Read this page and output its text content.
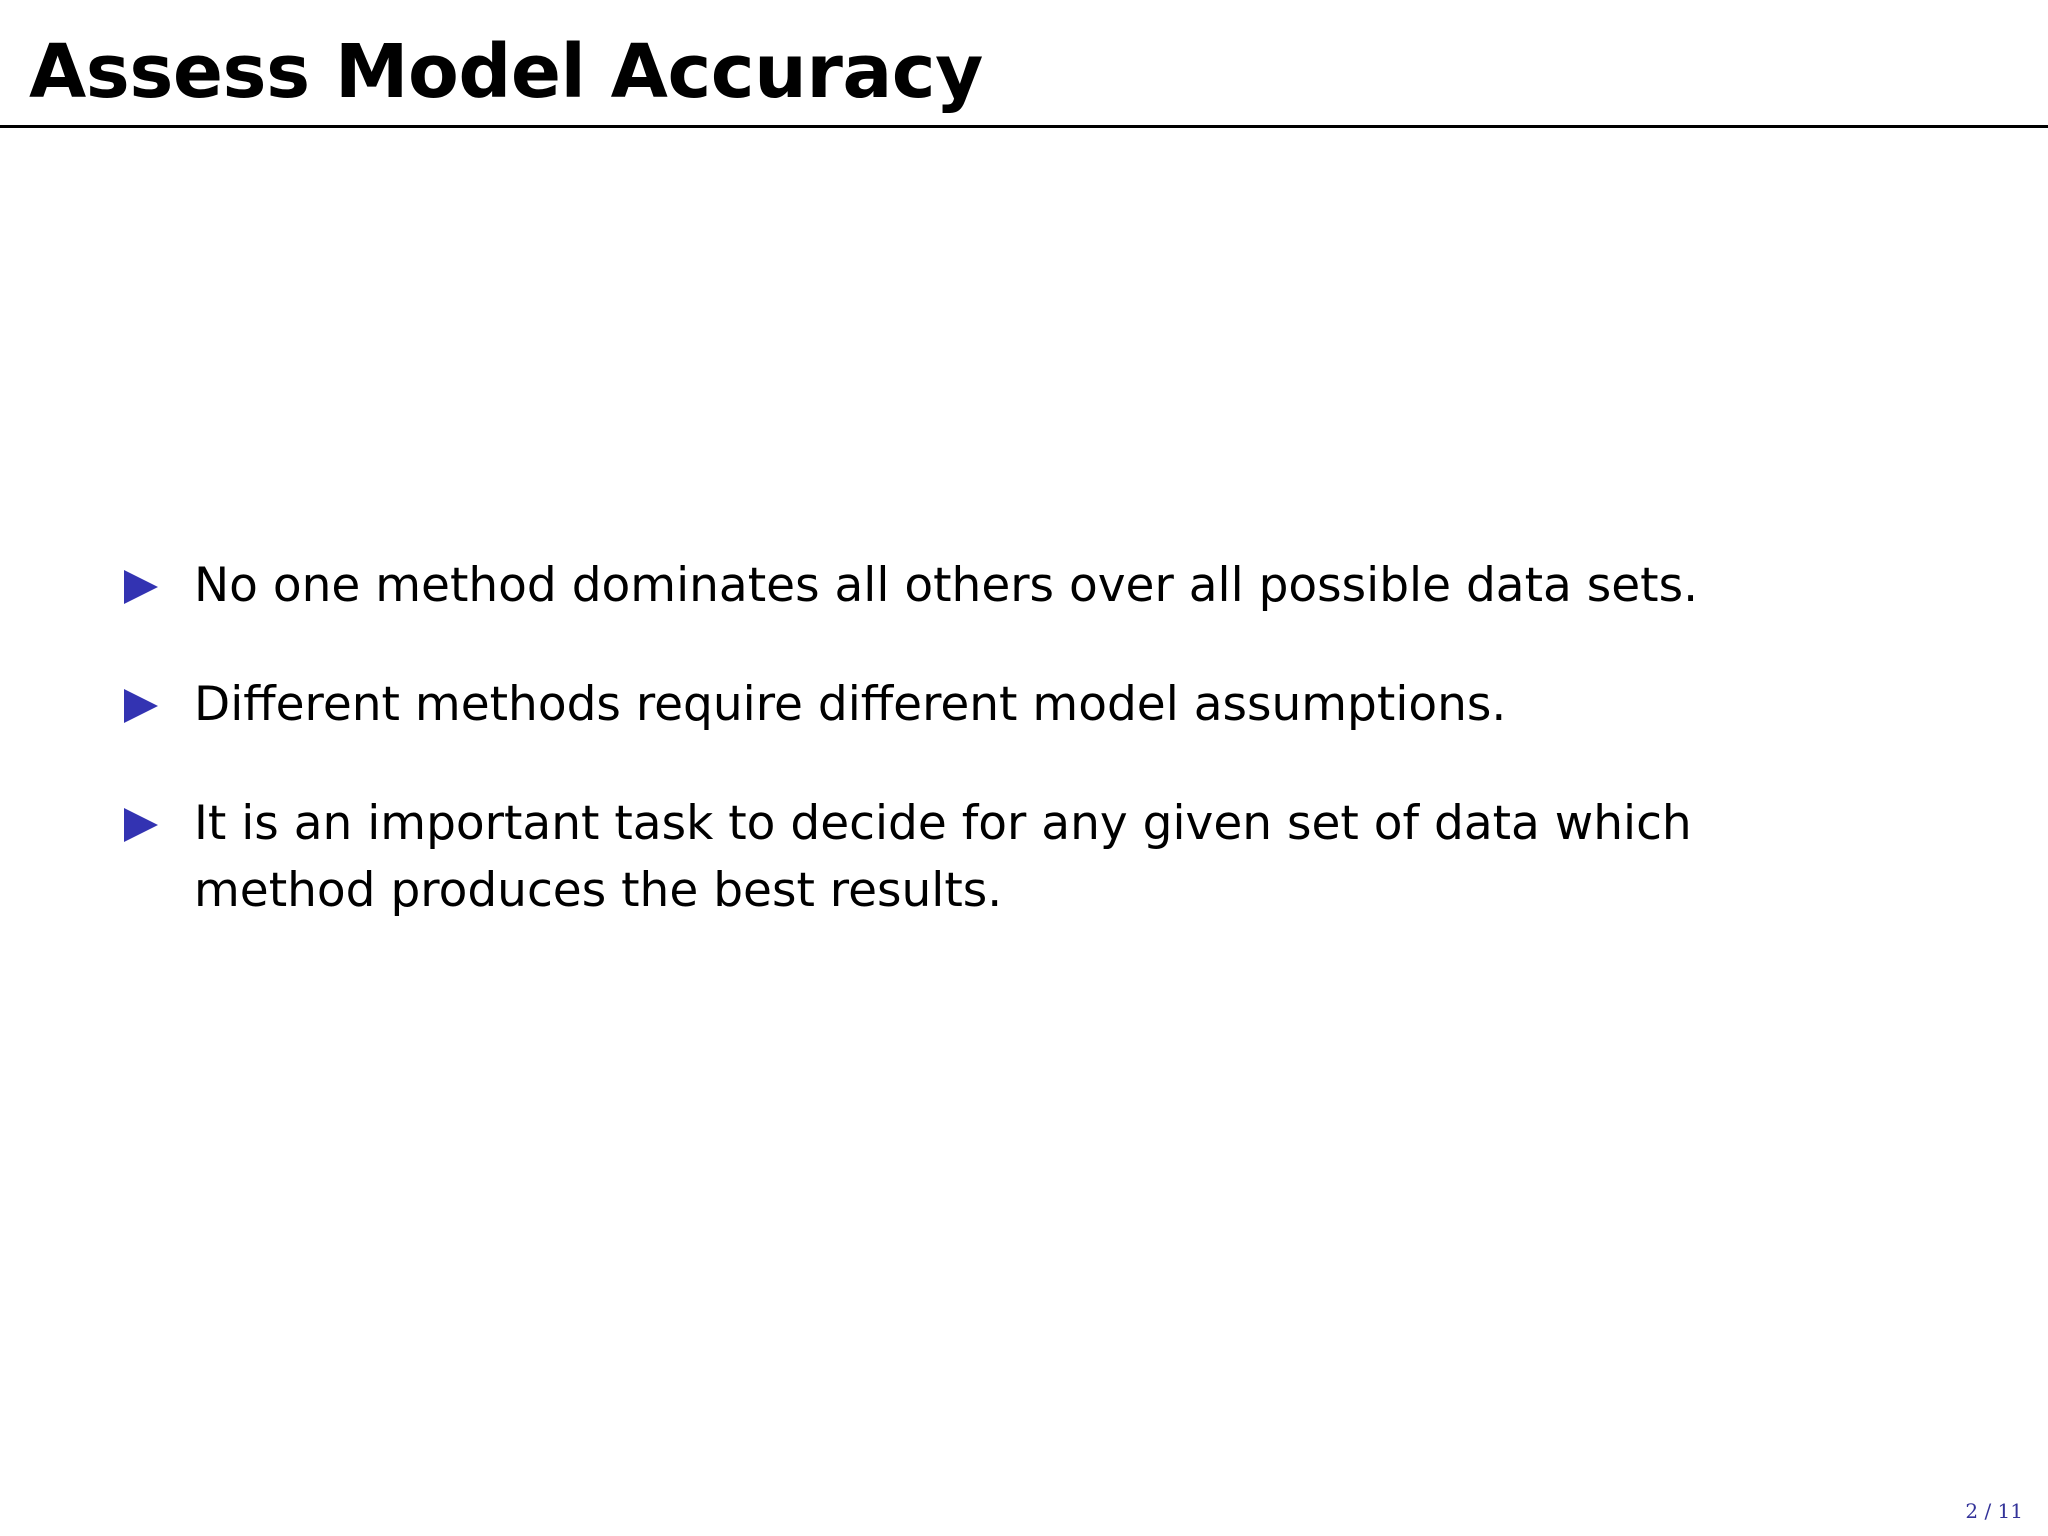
Assess Model Accuracy
No one method dominates all others over all possible data sets.
Different methods require different model assumptions.
It is an important task to decide for any given set of data which method produces the best results.
2 / 11
